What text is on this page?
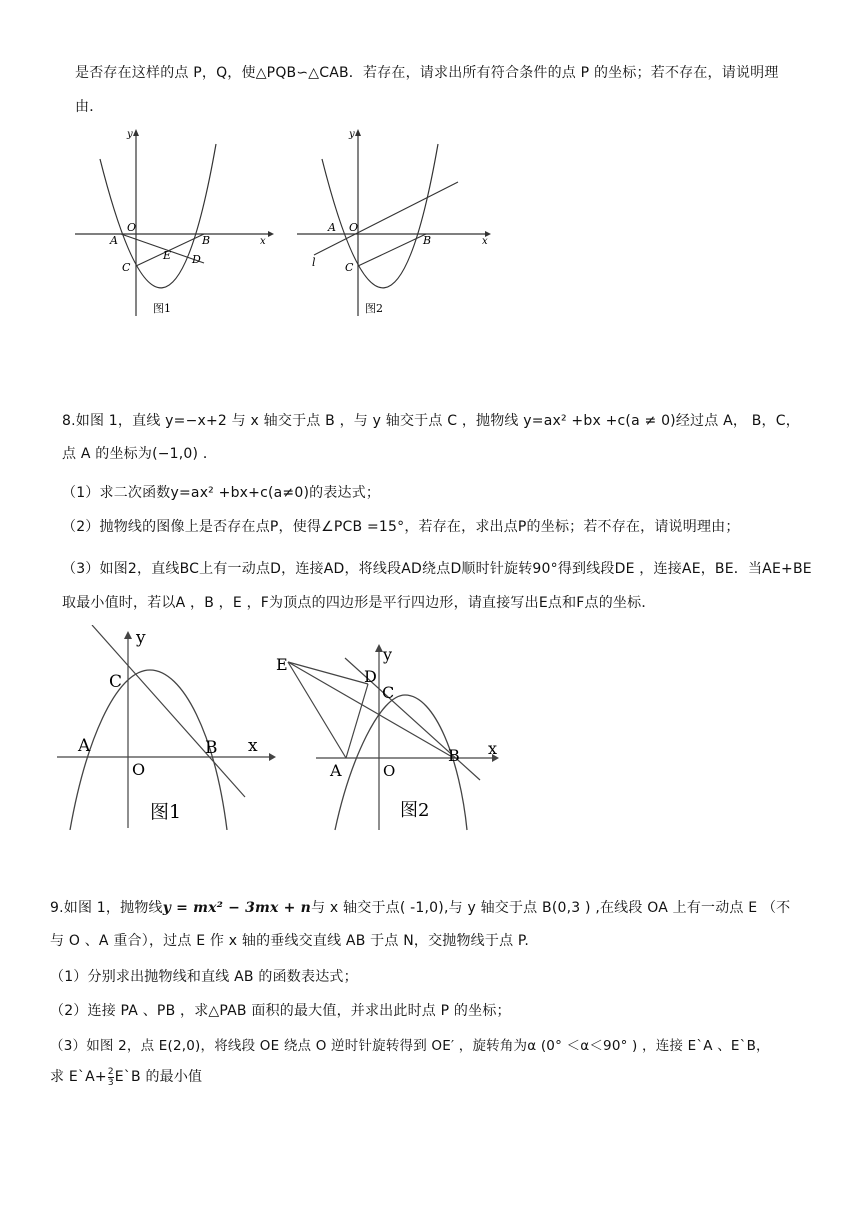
是否存在这样的点 P，Q，使△PQB∽△CAB．若存在，请求出所有符合条件的点 P 的坐标；若不存在，请说明理
由．
y
x
O
A	B
C
E D
图1
y
x
O
A
B
C
l
图2
8.如图 1，直线 y=−x+2 与 x 轴交于点 B ，与 y 轴交于点 C ，抛物线 y=ax² +bx +c(a ≠ 0)经过点 A， B，C，
点 A 的坐标为(−1,0) ．
（1）求二次函数y=ax² +bx+c(a≠0)的表达式；
（2）抛物线的图像上是否存在点P，使得∠PCB =15°，若存在，求出点P的坐标；若不存在，请说明理由；
（3）如图2，直线BC上有一动点D，连接AD，将线段AD绕点D顺时针旋转90°得到线段DE ，连接AE，BE．当AE+BE
取最小值时，若以A ，B ，E ，F为顶点的四边形是平行四边形，请直接写出E点和F点的坐标．
y
x
C
A	B
O
图1
E
D
y
C
x
B
A	O
图2
9.如图 1，抛物线y = mx² − 3mx + n与 x 轴交于点( -1,0),与 y 轴交于点 B(0,3 ) ,在线段 OA 上有一动点 E （不
与 O 、A 重合），过点 E 作 x 轴的垂线交直线 AB 于点 N，交抛物线于点 P.
（1）分别求出抛物线和直线 AB 的函数表达式；
（2）连接 PA 、PB ，求△PAB 面积的最大值，并求出此时点 P 的坐标；
（3）如图 2，点 E(2,0)，将线段 OE 绕点 O 逆时针旋转得到 OE′ ，旋转角为α (0° ＜α＜90° ) ，连接 E`A 、E`B，
求 E`A+ $\frac{2}{3}$ E`B 的最小值
